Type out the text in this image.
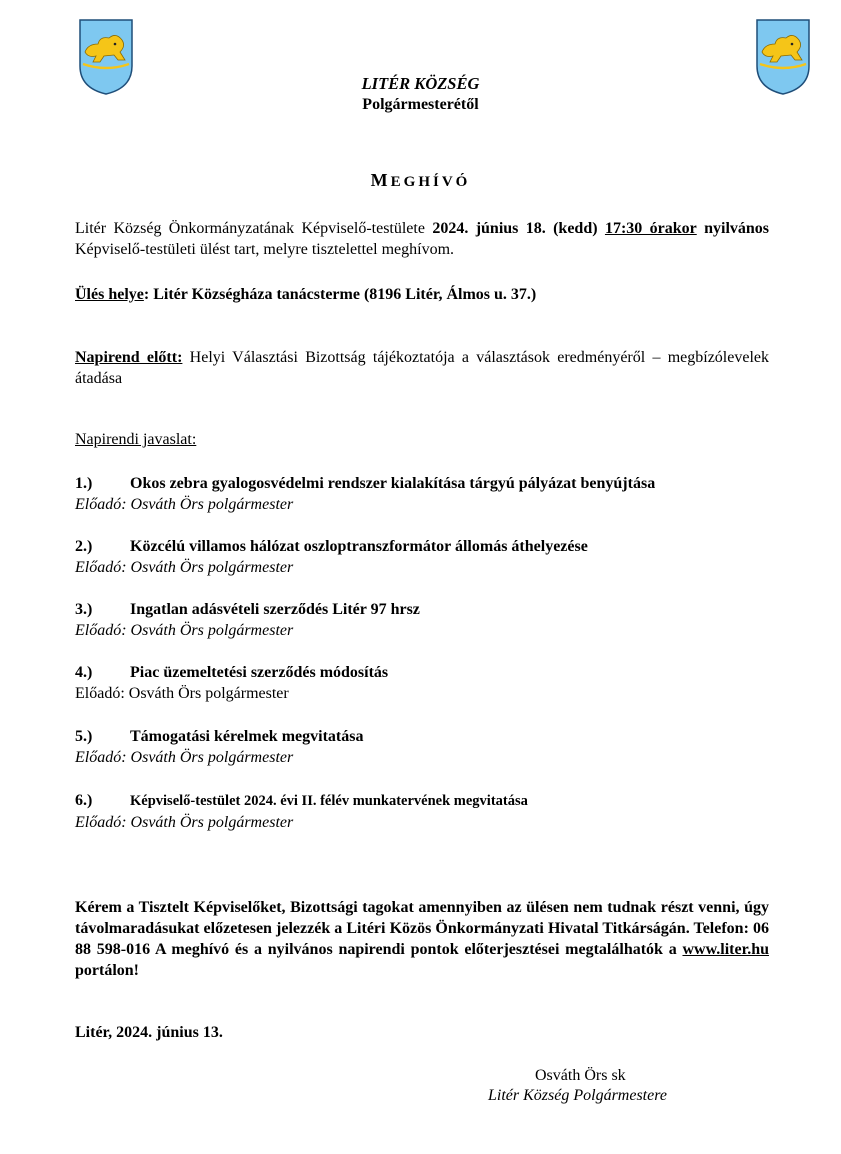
LITÉR KÖZSÉG
Polgármesterétől
MEGHÍVÓ
Litér Község Önkormányzatának Képviselő-testülete 2024. június 18. (kedd) 17:30 órakor nyilvános Képviselő-testületi ülést tart, melyre tisztelettel meghívom.
Ülés helye: Litér Községháza tanácsterme (8196 Litér, Álmos u. 37.)
Napirend előtt: Helyi Választási Bizottság tájékoztatója a választások eredményéről – megbízólevelek átadása
Napirendi javaslat:
1.) Okos zebra gyalogosvédelmi rendszer kialakítása tárgyú pályázat benyújtása
Előadó: Osváth Örs polgármester
2.) Közcélú villamos hálózat oszloptranszformátor állomás áthelyezése
Előadó: Osváth Örs polgármester
3.) Ingatlan adásvételi szerződés Litér 97 hrsz
Előadó: Osváth Örs polgármester
4.) Piac üzemeltetési szerződés módosítás
Előadó: Osváth Örs polgármester
5.) Támogatási kérelmek megvitatása
Előadó: Osváth Örs polgármester
6.)	Képviselő-testület 2024. évi II. félév munkatervének megvitatása
Előadó: Osváth Örs polgármester
Kérem a Tisztelt Képviselőket, Bizottsági tagokat amennyiben az ülésen nem tudnak részt venni, úgy távolmaradásukat előzetesen jelezzék a Litéri Közös Önkormányzati Hivatal Titkárságán. Telefon: 06 88 598-016 A meghívó és a nyilvános napirendi pontok előterjesztései megtalálhatók a www.liter.hu portálon!
Litér, 2024. június 13.
Osváth Örs sk
Litér Község Polgármestere
